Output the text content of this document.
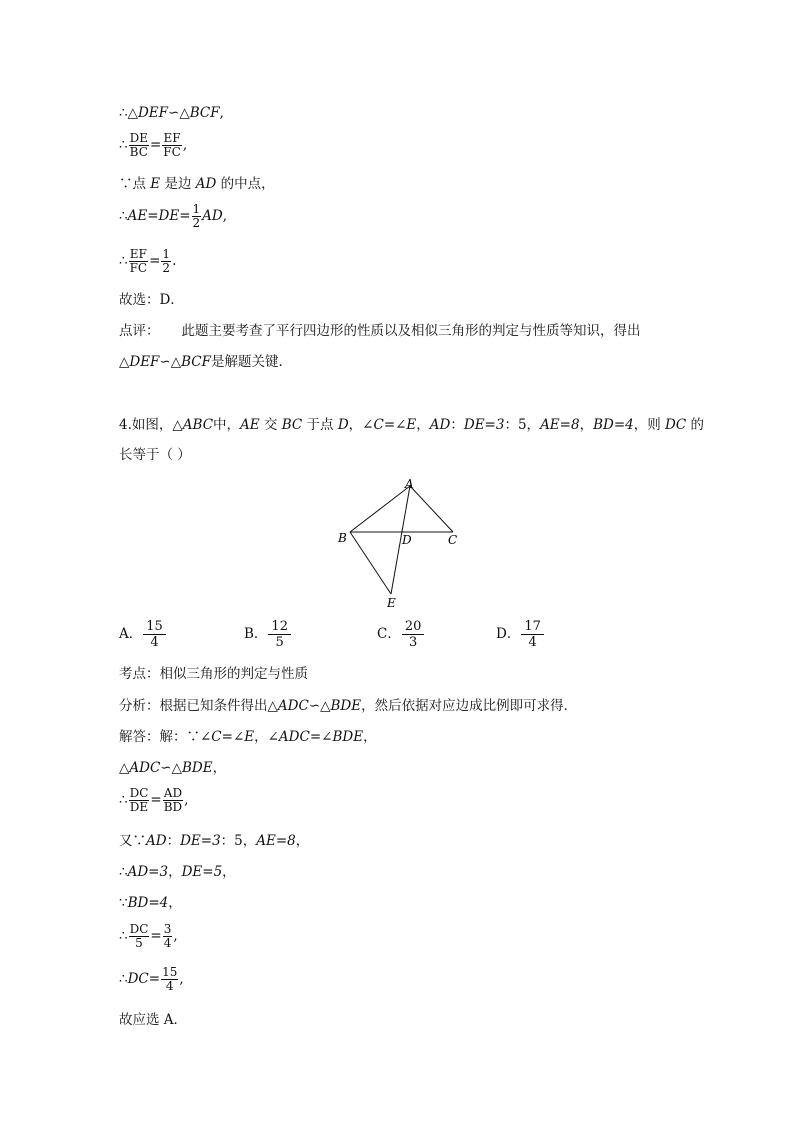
∴△DEF∽△BCF,
∴ $\frac{DE}{BC} = \frac{EF}{FC}$ ,
∵点 E 是边 AD 的中点，
∴AE=DE= $\frac{1}{2}$ AD,
∴ $\frac{EF}{FC} = \frac{1}{2}$ .
故选：D．
点评： 此题主要考查了平行四边形的性质以及相似三角形的判定与性质等知识，得出
△DEF∽△BCF是解题关键．
4.如图，△ABC中，AE 交 BC 于点 D，∠C=∠E，AD：DE=3：5，AE=8，BD=4，则 DC 的
长等于（ ）
A
B	C
D
E
A． $\frac{15}{4}$	B． $\frac{12}{5}$	C． $\frac{20}{3}$	D． $\frac{17}{4}$
考点：相似三角形的判定与性质
分析：根据已知条件得出△ADC∽△BDE，然后依据对应边成比例即可求得．
解答：解：∵∠C=∠E，∠ADC=∠BDE，
△ADC∽△BDE，
∴ $\frac{DC}{DE} = \frac{AD}{BD}$ ,
又∵AD：DE=3：5，AE=8，
∴AD=3，DE=5，
∵BD=4，
∴ $\frac{DC}{5} = \frac{3}{4}$ ,
∴DC= $\frac{15}{4}$ ,
故应选 A．
